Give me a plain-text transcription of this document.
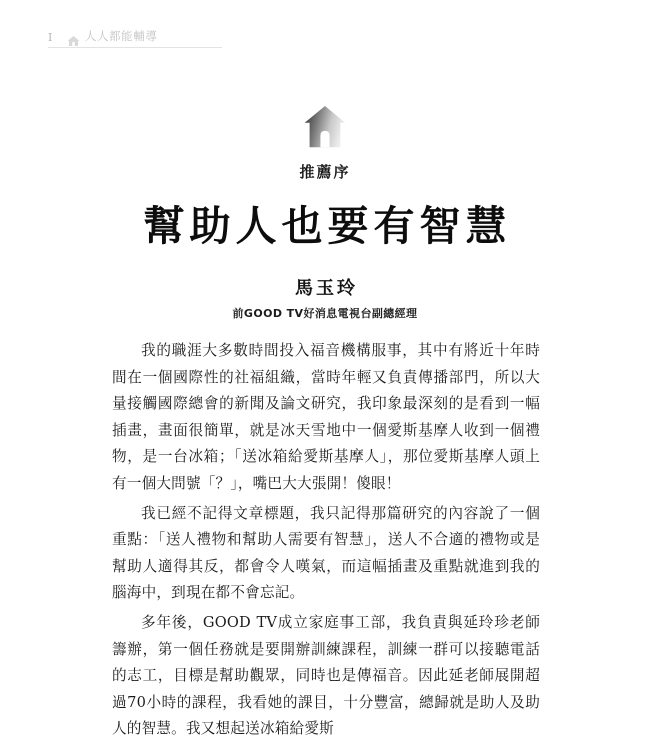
I	人人都能輔導

推薦序

幫助人也要有智慧

馬玉玲

前GOOD TV好消息電視台副總經理

我的職涯大多數時間投入福音機構服事，其中有將近十年時間在一個國際性的社福組織，當時年輕又負責傳播部門，所以大量接觸國際總會的新聞及論文研究，我印象最深刻的是看到一幅插畫，畫面很簡單，就是冰天雪地中一個愛斯基摩人收到一個禮物，是一台冰箱；「送冰箱給愛斯基摩人」，那位愛斯基摩人頭上有一個大問號「？」，嘴巴大大張開！傻眼！

我已經不記得文章標題，我只記得那篇研究的內容說了一個重點：「送人禮物和幫助人需要有智慧」，送人不合適的禮物或是幫助人適得其反，都會令人嘆氣，而這幅插畫及重點就進到我的腦海中，到現在都不會忘記。

多年後，GOOD TV成立家庭事工部，我負責與延玲珍老師籌辦，第一個任務就是要開辦訓練課程，訓練一群可以接聽電話的志工，目標是幫助觀眾，同時也是傳福音。因此延老師展開超過70小時的課程，我看她的課目，十分豐富，總歸就是助人及助人的智慧。我又想起送冰箱給愛斯
